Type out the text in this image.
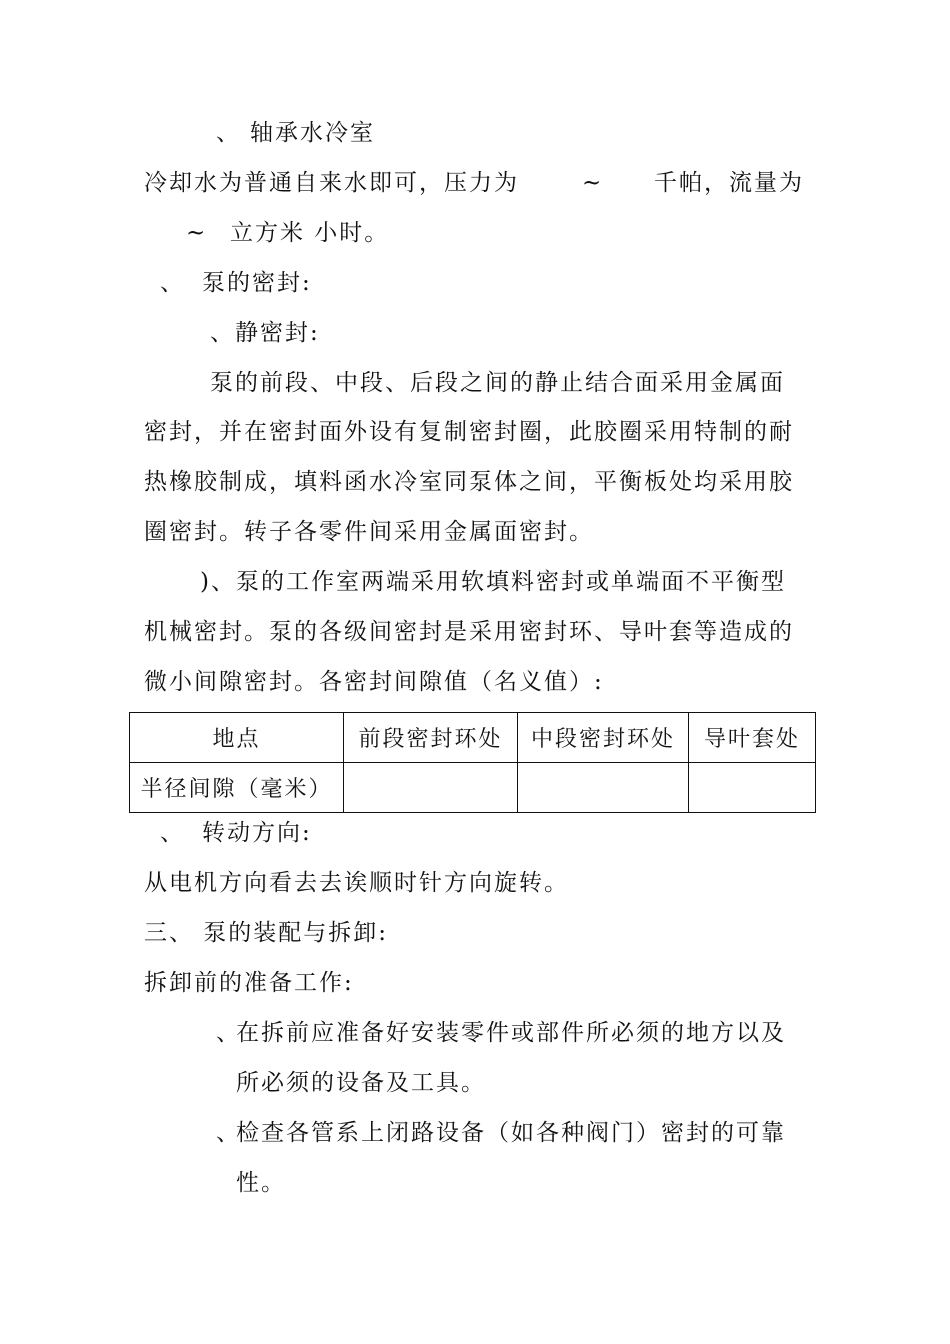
、 轴承水冷室
冷却水为普通自来水即可，压力为	~ 千帕，流量为
~ 立方米 小时。
、 泵的密封:
、静密封:
泵的前段、中段、后段之间的静止结合面采用金属面
密封，并在密封面外设有复制密封圈，此胶圈采用特制的耐
热橡胶制成，填料函水冷室同泵体之间，平衡板处均采用胶
圈密封。转子各零件间采用金属面密封。
)、泵的工作室两端采用软填料密封或单端面不平衡型
机械密封。泵的各级间密封是采用密封环、导叶套等造成的
微小间隙密封。各密封间隙值（名义值）:
地点	前段密封环处	中段密封环处	导叶套处
半径间隙（毫米）			
、 转动方向:
从电机方向看去去诶顺时针方向旋转。
三、 泵的装配与拆卸:
拆卸前的准备工作:
、在拆前应准备好安装零件或部件所必须的地方以及
所必须的设备及工具。
、检查各管系上闭路设备（如各种阀门）密封的可靠
性。
